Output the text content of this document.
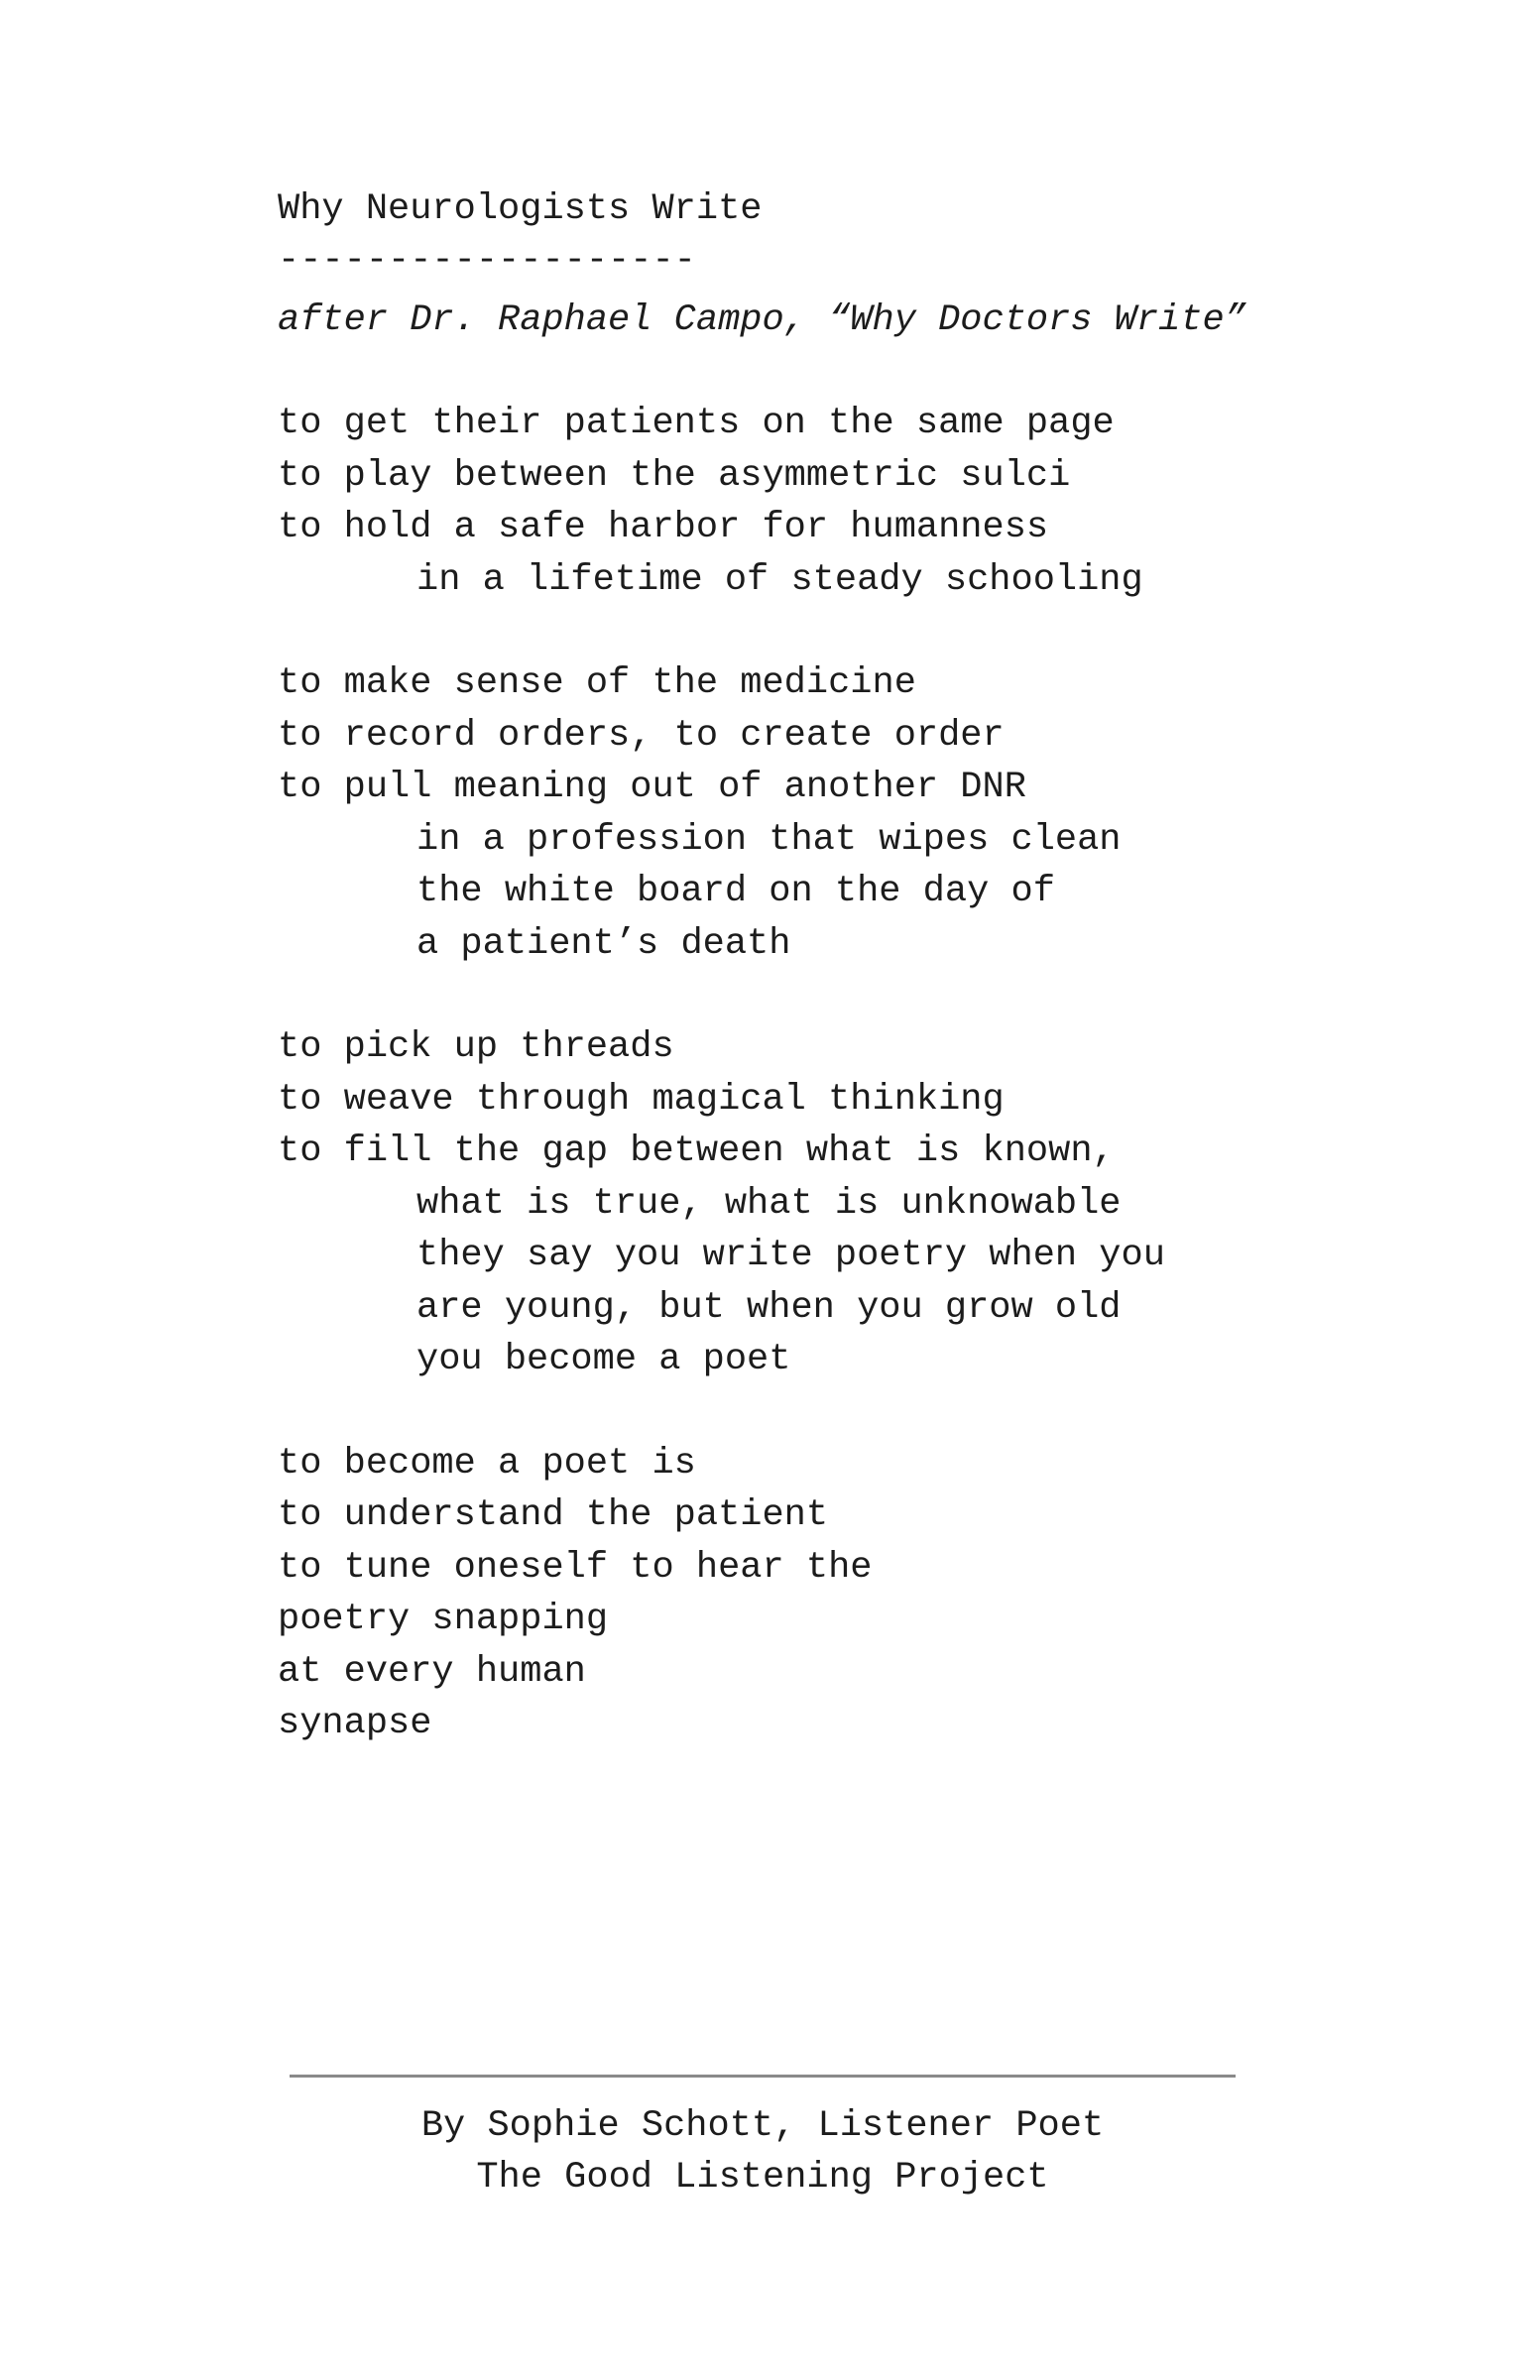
Why Neurologists Write
-------------------
after Dr. Raphael Campo, “Why Doctors Write”
to get their patients on the same page
to play between the asymmetric sulci
to hold a safe harbor for humanness
in a lifetime of steady schooling
to make sense of the medicine
to record orders, to create order
to pull meaning out of another DNR
in a profession that wipes clean
the white board on the day of
a patient’s death
to pick up threads
to weave through magical thinking
to fill the gap between what is known,
what is true, what is unknowable
they say you write poetry when you
are young, but when you grow old
you become a poet
to become a poet is
to understand the patient
to tune oneself to hear the
poetry snapping
at every human
synapse
By Sophie Schott, Listener Poet
The Good Listening Project
